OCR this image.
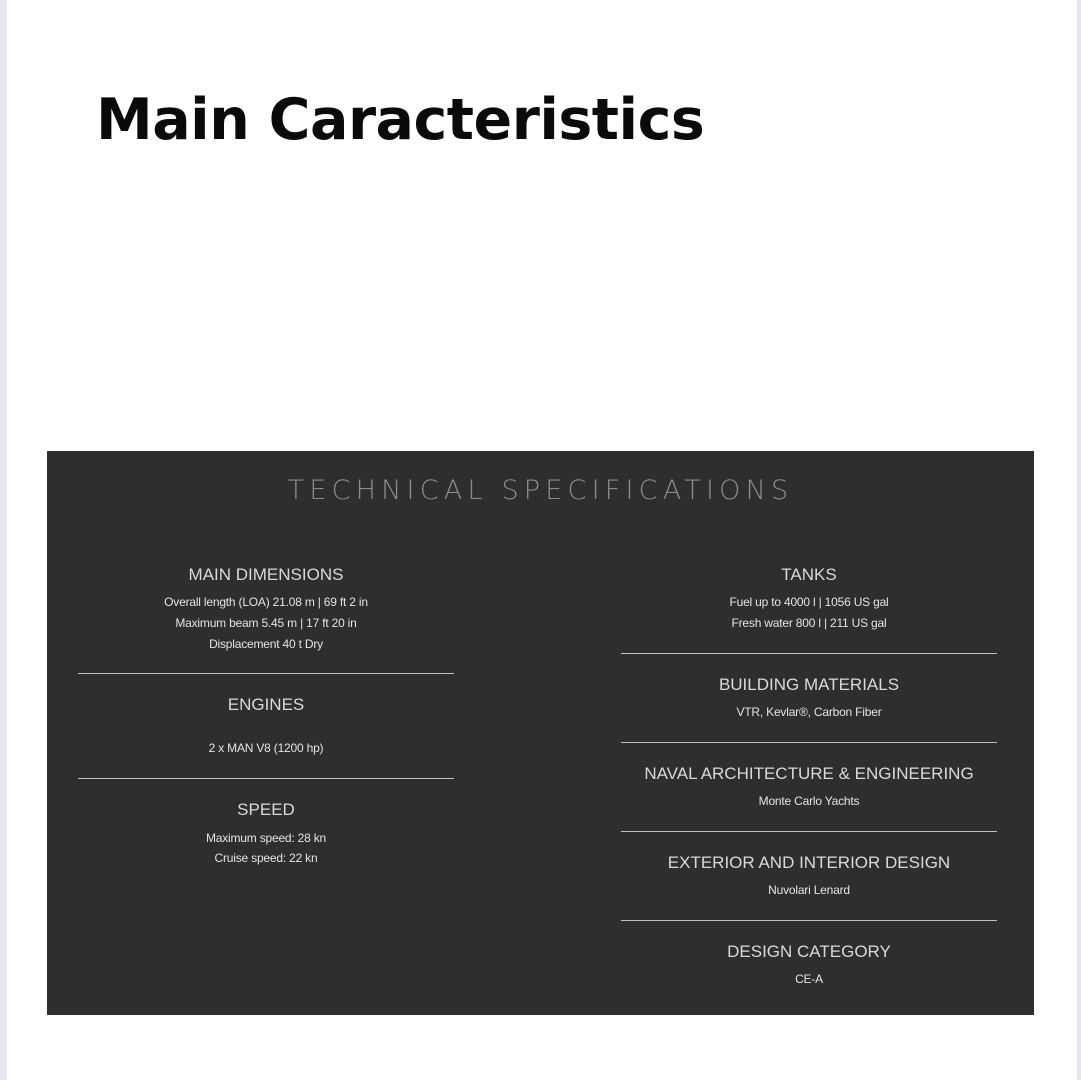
Main Caracteristics
TECHNICAL SPECIFICATIONS
MAIN DIMENSIONS
Overall length (LOA) 21.08 m | 69 ft 2 in
Maximum beam 5.45 m | 17 ft 20 in
Displacement 40 t Dry
ENGINES
2 x MAN V8 (1200 hp)
SPEED
Maximum speed: 28 kn
Cruise speed: 22 kn
TANKS
Fuel up to 4000 l | 1056 US gal
Fresh water 800 l | 211 US gal
BUILDING MATERIALS
VTR, Kevlar®, Carbon Fiber
NAVAL ARCHITECTURE & ENGINEERING
Monte Carlo Yachts
EXTERIOR AND INTERIOR DESIGN
Nuvolari Lenard
DESIGN CATEGORY
CE-A
